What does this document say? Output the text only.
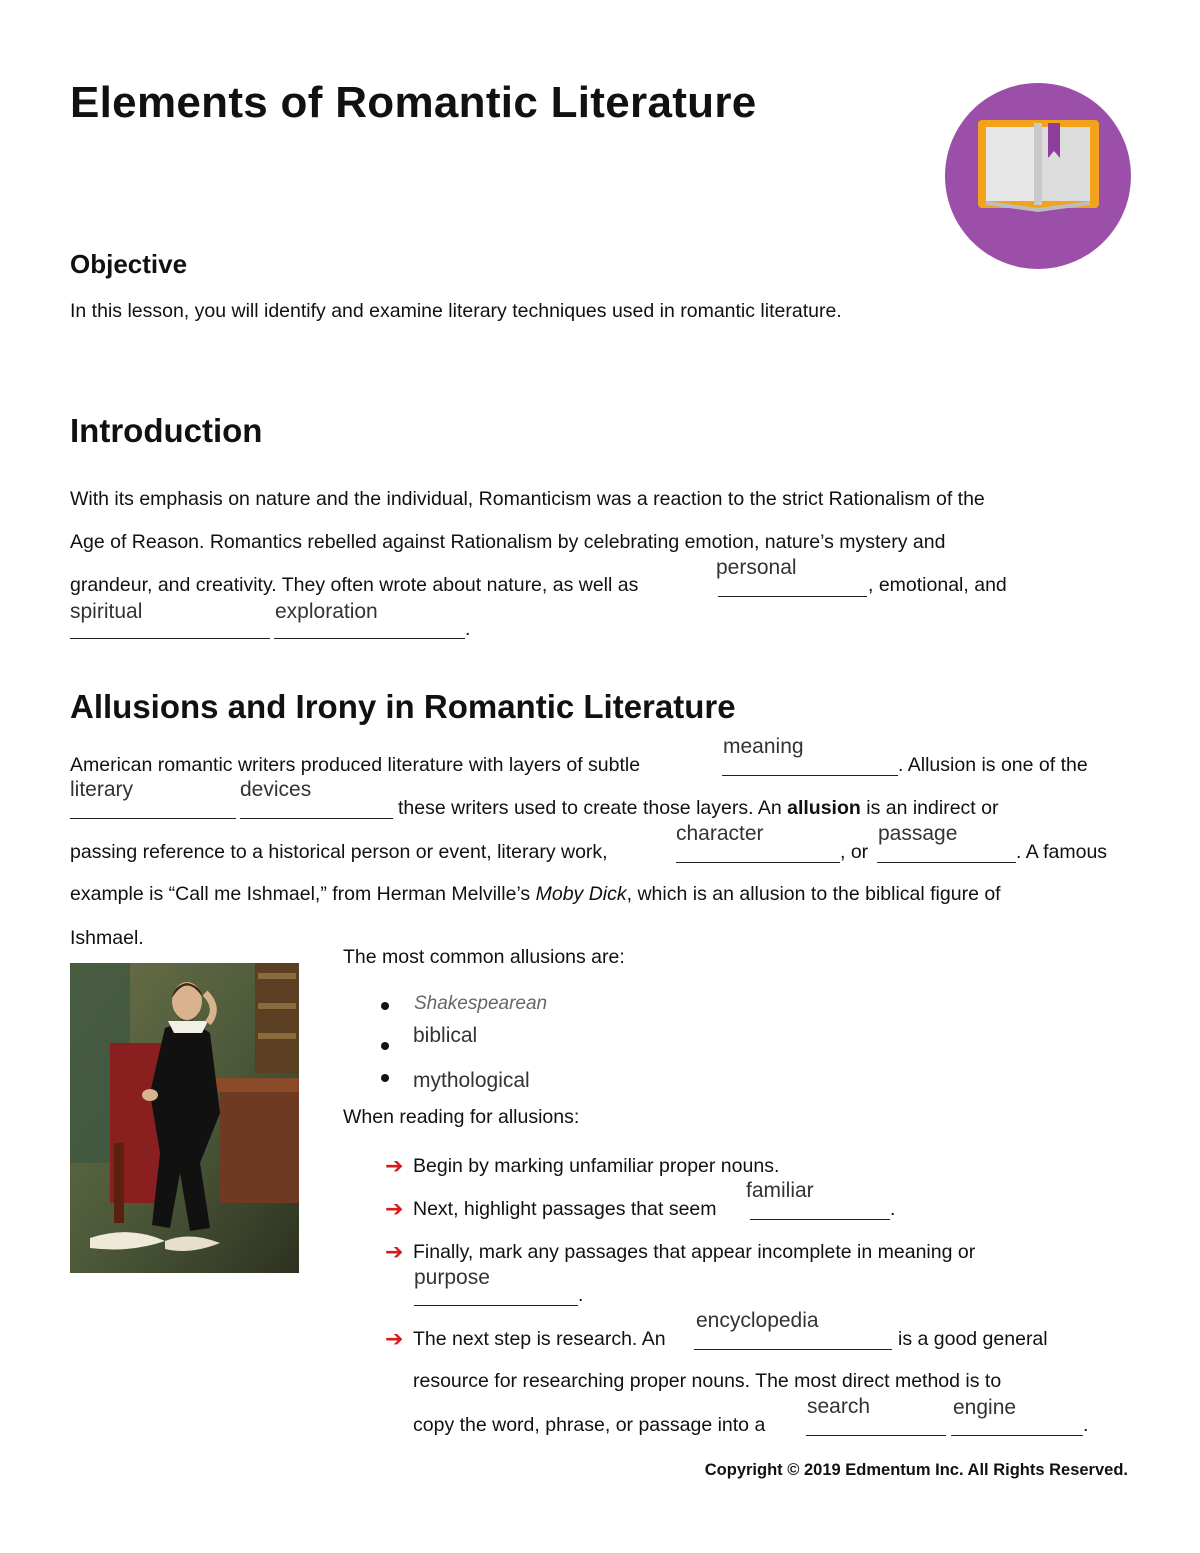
Elements of Romantic Literature
Objective
In this lesson, you will identify and examine literary techniques used in romantic literature.
Introduction
With its emphasis on nature and the individual, Romanticism was a reaction to the strict Rationalism of the
Age of Reason. Romantics rebelled against Rationalism by celebrating emotion, nature’s mystery and
grandeur, and creativity. They often wrote about nature, as well as
personal
, emotional, and
spiritual	exploration
.
Allusions and Irony in Romantic Literature
American romantic writers produced literature with layers of subtle
meaning
. Allusion is one of the
literary	devices
these writers used to create those layers. An allusion is an indirect or
passing reference to a historical person or event, literary work,
character
, or
passage
. A famous
example is “Call me Ishmael,” from Herman Melville’s Moby Dick, which is an allusion to the biblical figure of
Ishmael.
The most common allusions are:
Shakespearean
biblical
mythological
When reading for allusions:
➔ Begin by marking unfamiliar proper nouns.
➔ Next, highlight passages that seem
familiar
.
➔ Finally, mark any passages that appear incomplete in meaning or
purpose
.
➔ The next step is research. An
encyclopedia
is a good general
resource for researching proper nouns. The most direct method is to
copy the word, phrase, or passage into a
search	engine
.
Copyright © 2019 Edmentum Inc. All Rights Reserved.
